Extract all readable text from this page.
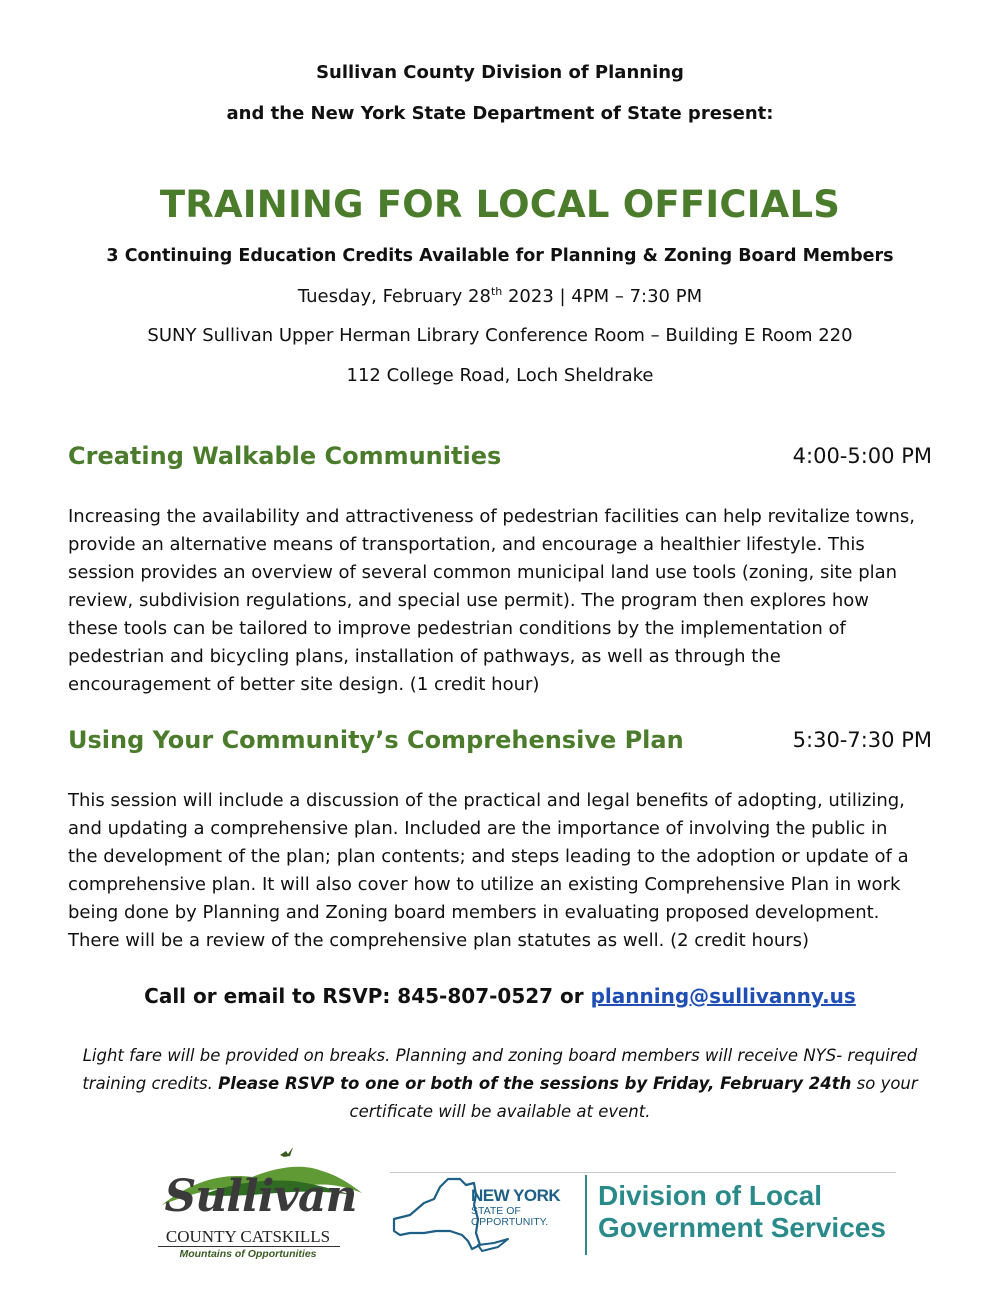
Sullivan County Division of Planning
and the New York State Department of State present:
TRAINING FOR LOCAL OFFICIALS
3 Continuing Education Credits Available for Planning & Zoning Board Members
Tuesday, February 28th 2023 | 4PM – 7:30 PM
SUNY Sullivan Upper Herman Library Conference Room – Building E Room 220
112 College Road, Loch Sheldrake
Creating Walkable Communities	4:00-5:00 PM
Increasing the availability and attractiveness of pedestrian facilities can help revitalize towns,
provide an alternative means of transportation, and encourage a healthier lifestyle. This
session provides an overview of several common municipal land use tools (zoning, site plan
review, subdivision regulations, and special use permit). The program then explores how
these tools can be tailored to improve pedestrian conditions by the implementation of
pedestrian and bicycling plans, installation of pathways, as well as through the
encouragement of better site design. (1 credit hour)
Using Your Community’s Comprehensive Plan	5:30-7:30 PM
This session will include a discussion of the practical and legal benefits of adopting, utilizing,
and updating a comprehensive plan. Included are the importance of involving the public in
the development of the plan; plan contents; and steps leading to the adoption or update of a
comprehensive plan. It will also cover how to utilize an existing Comprehensive Plan in work
being done by Planning and Zoning board members in evaluating proposed development.
There will be a review of the comprehensive plan statutes as well. (2 credit hours)
Call or email to RSVP: 845-807-0527 or planning@sullivanny.us
Light fare will be provided on breaks. Planning and zoning board members will receive NYS- required
training credits. Please RSVP to one or both of the sessions by Friday, February 24th so your
certificate will be available at event.
Sullivan
COUNTY CATSKILLS
Mountains of Opportunities
NEW YORK
STATE OF
OPPORTUNITY.
Division of Local
Government Services
